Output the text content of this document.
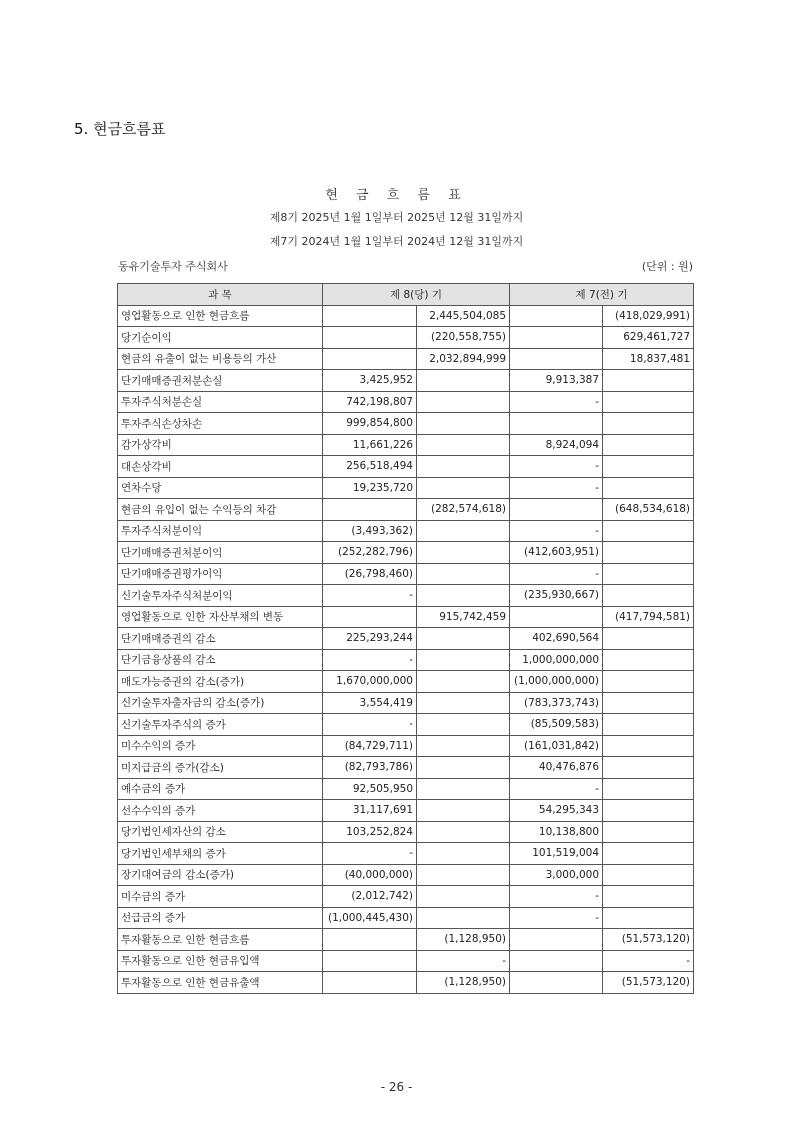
5. 현금흐름표
현 금 흐 름 표
제8기 2025년 1월 1일부터 2025년 12월 31일까지
제7기 2024년 1월 1일부터 2024년 12월 31일까지
동유기술투자 주식회사	(단위 : 원)
과 목	제 8(당) 기		제 7(전) 기	
영업활동으로 인한 현금흐름		2,445,504,085		(418,029,991)
당기순이익		(220,558,755)		629,461,727
현금의 유출이 없는 비용등의 가산		2,032,894,999		18,837,481
단기매매증권처분손실	3,425,952		9,913,387	
투자주식처분손실	742,198,807		-	
투자주식손상차손	999,854,800			
감가상각비	11,661,226		8,924,094	
대손상각비	256,518,494		-	
연차수당	19,235,720		-	
현금의 유입이 없는 수익등의 차감		(282,574,618)		(648,534,618)
투자주식처분이익	(3,493,362)		-	
단기매매증권처분이익	(252,282,796)		(412,603,951)	
단기매매증권평가이익	(26,798,460)		-	
신기술투자주식처분이익	-		(235,930,667)	
영업활동으로 인한 자산부채의 변동		915,742,459		(417,794,581)
단기매매증권의 감소	225,293,244		402,690,564	
단기금융상품의 감소	-		1,000,000,000	
매도가능증권의 감소(증가)	1,670,000,000		(1,000,000,000)	
신기술투자출자금의 감소(증가)	3,554,419		(783,373,743)	
신기술투자주식의 증가	-		(85,509,583)	
미수수익의 증가	(84,729,711)		(161,031,842)	
미지급금의 증가(감소)	(82,793,786)		40,476,876	
예수금의 증가	92,505,950		-	
선수수익의 증가	31,117,691		54,295,343	
당기법인세자산의 감소	103,252,824		10,138,800	
당기법인세부채의 증가	-		101,519,004	
장기대여금의 감소(증가)	(40,000,000)		3,000,000	
미수금의 증가	(2,012,742)		-	
선급금의 증가	(1,000,445,430)		-	
투자활동으로 인한 현금흐름		(1,128,950)		(51,573,120)
투자활동으로 인한 현금유입액		-		-
투자활동으로 인한 현금유출액		(1,128,950)		(51,573,120)
- 26 -
